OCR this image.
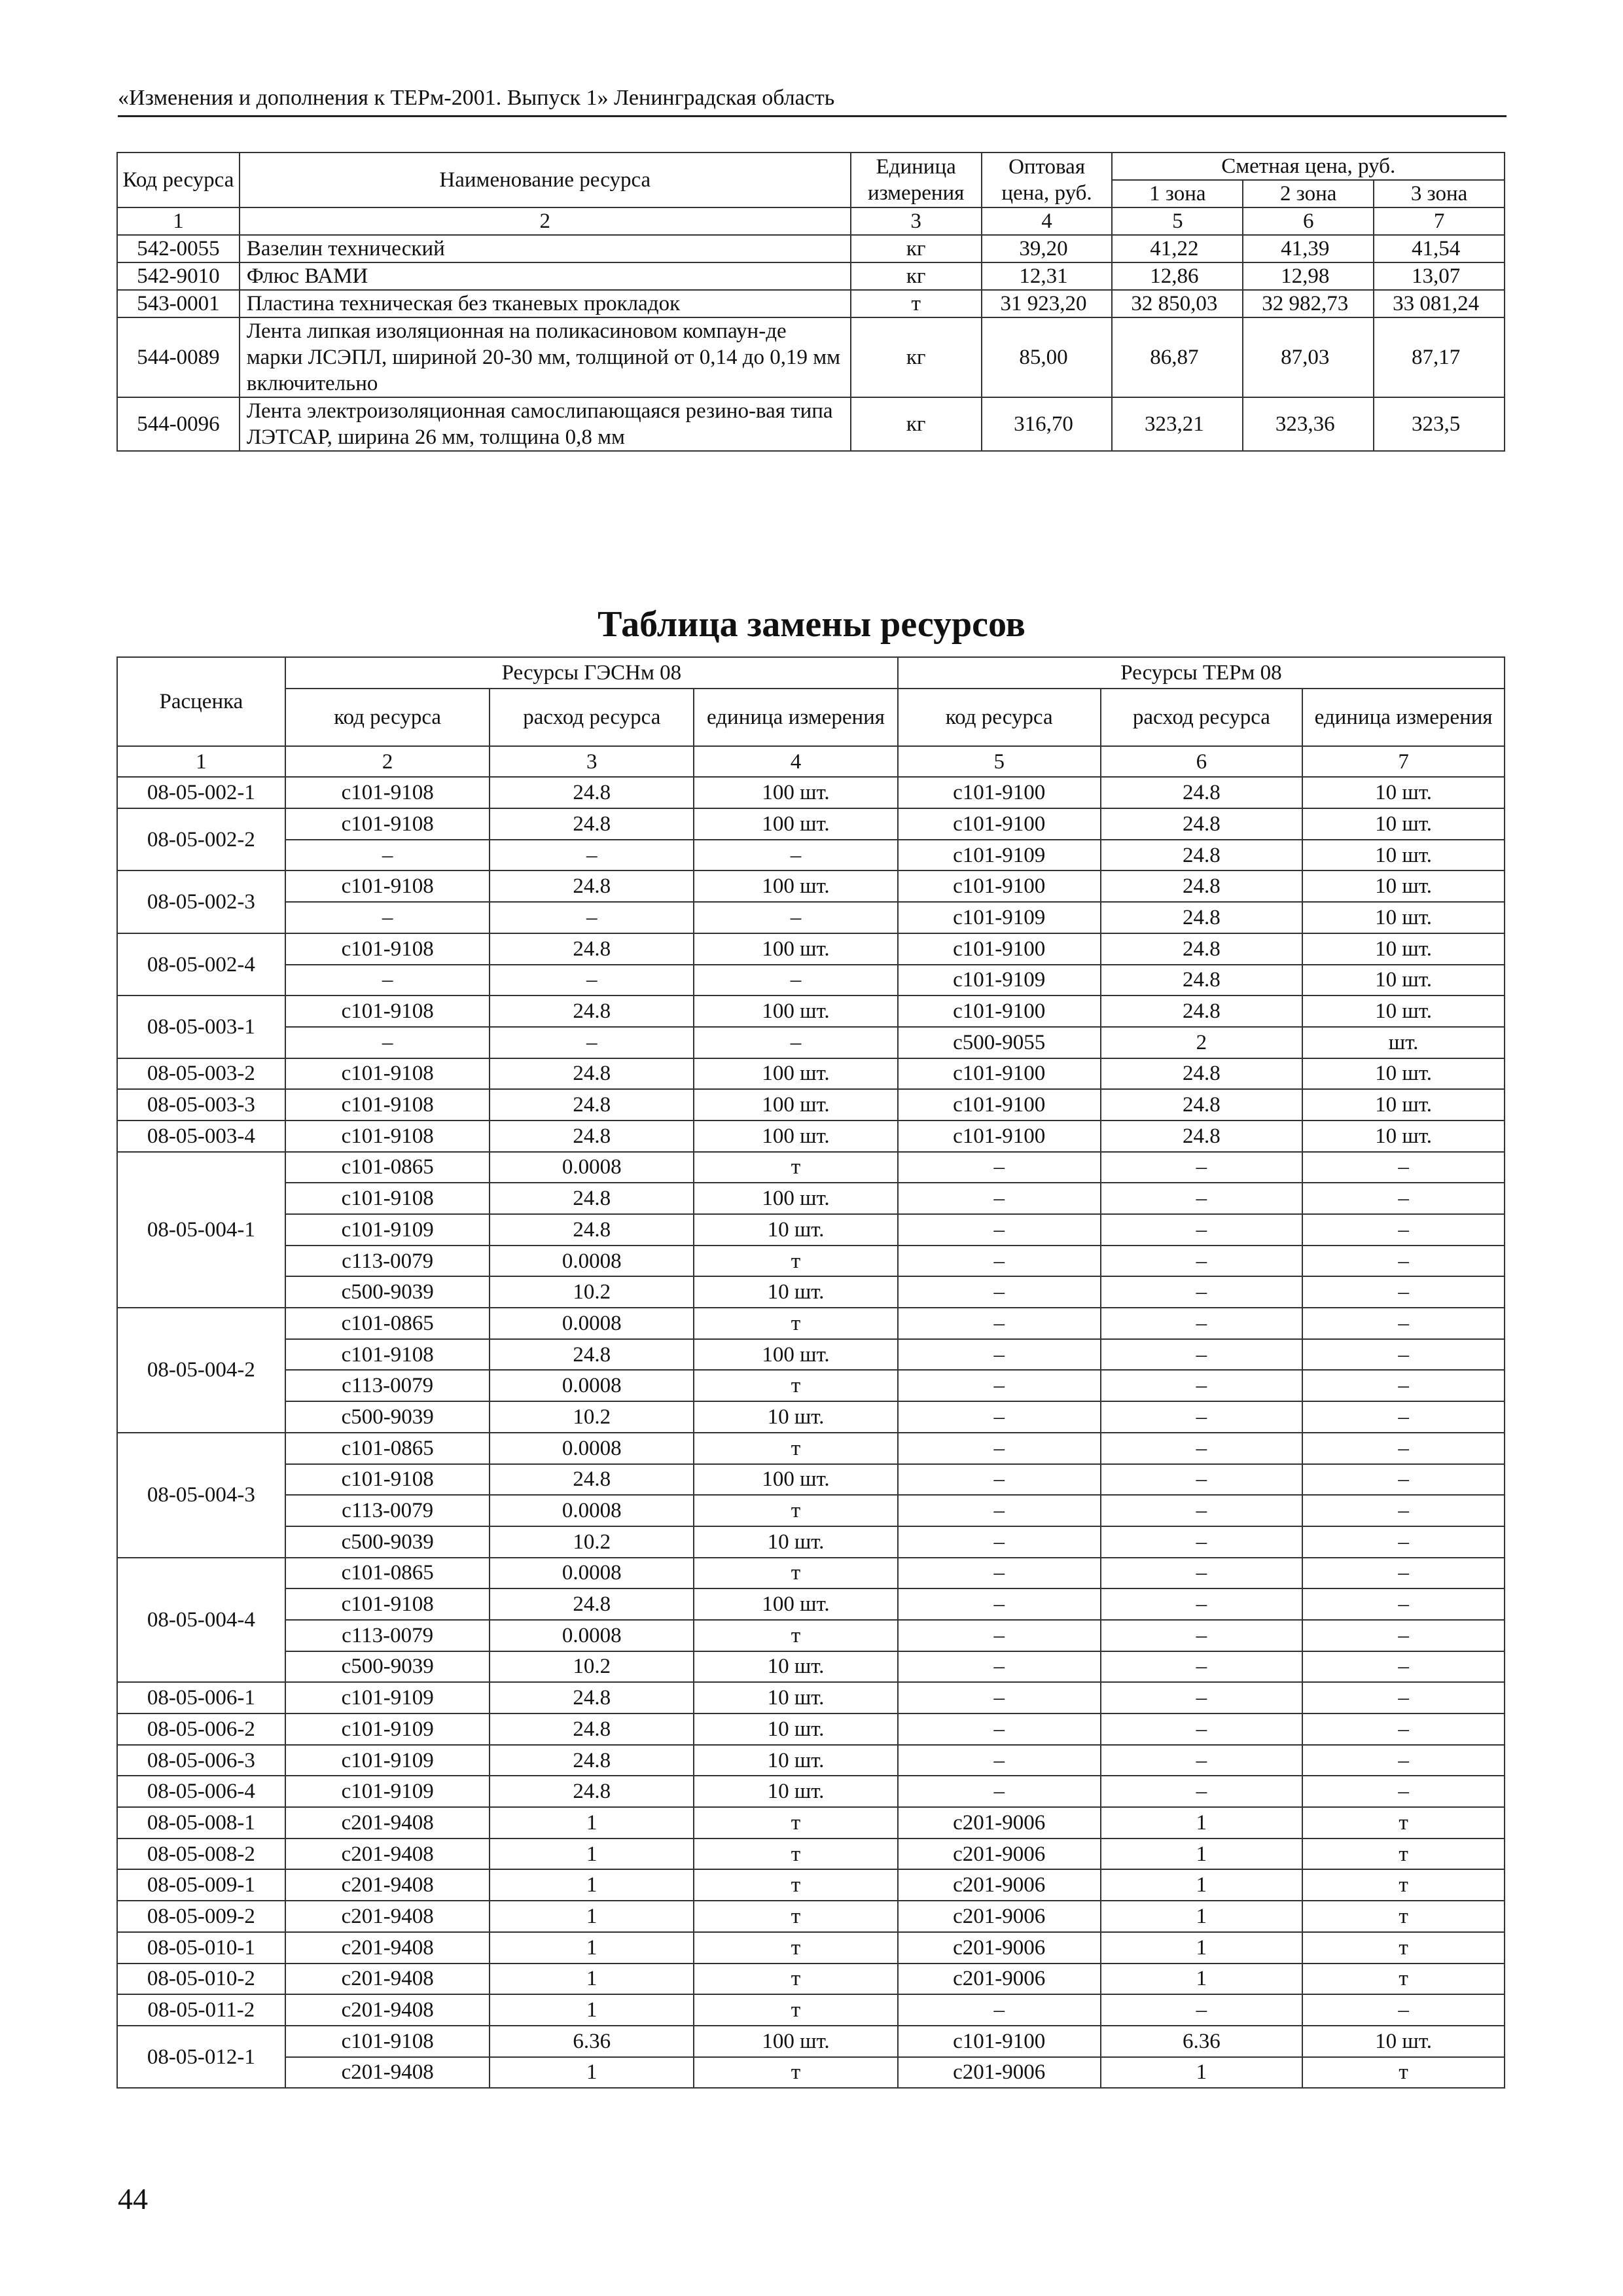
«Изменения и дополнения к ТЕРм-2001. Выпуск 1» Ленинградская область
Код ресурса	Наименование ресурса	Единица измерения	Оптовая цена, руб.	Сметная цена, руб.		
				1 зона	2 зона	3 зона
1	2	3	4	5	6	7
542-0055	Вазелин технический	кг	39,20	41,22	41,39	41,54
542-9010	Флюс ВАМИ	кг	12,31	12,86	12,98	13,07
543-0001	Пластина техническая без тканевых прокладок	т	31 923,20	32 850,03	32 982,73	33 081,24
544-0089	Лента липкая изоляционная на поликасиновом компаун-де марки ЛСЭПЛ, шириной 20-30 мм, толщиной от 0,14 до 0,19 мм включительно	кг	85,00	86,87	87,03	87,17
544-0096	Лента электроизоляционная самослипающаяся резино-вая типа ЛЭТСАР, ширина 26 мм, толщина 0,8 мм	кг	316,70	323,21	323,36	323,5
Таблица замены ресурсов
Расценка	Ресурсы ГЭСНм 08			Ресурсы ТЕРм 08		
	код ресурса	расход ресурса	единица измерения	код ресурса	расход ресурса	единица измерения
1	2	3	4	5	6	7
08-05-002-1	с101-9108	24.8	100 шт.	с101-9100	24.8	10 шт.
08-05-002-2	с101-9108	24.8	100 шт.	с101-9100	24.8	10 шт.
	–	–	–	с101-9109	24.8	10 шт.
08-05-002-3	с101-9108	24.8	100 шт.	с101-9100	24.8	10 шт.
	–	–	–	с101-9109	24.8	10 шт.
08-05-002-4	с101-9108	24.8	100 шт.	с101-9100	24.8	10 шт.
	–	–	–	с101-9109	24.8	10 шт.
08-05-003-1	с101-9108	24.8	100 шт.	с101-9100	24.8	10 шт.
	–	–	–	с500-9055	2	шт.
08-05-003-2	с101-9108	24.8	100 шт.	с101-9100	24.8	10 шт.
08-05-003-3	с101-9108	24.8	100 шт.	с101-9100	24.8	10 шт.
08-05-003-4	с101-9108	24.8	100 шт.	с101-9100	24.8	10 шт.
08-05-004-1	с101-0865	0.0008	т	–	–	–
	с101-9108	24.8	100 шт.	–	–	–
	с101-9109	24.8	10 шт.	–	–	–
	с113-0079	0.0008	т	–	–	–
	с500-9039	10.2	10 шт.	–	–	–
08-05-004-2	с101-0865	0.0008	т	–	–	–
	с101-9108	24.8	100 шт.	–	–	–
	с113-0079	0.0008	т	–	–	–
	с500-9039	10.2	10 шт.	–	–	–
08-05-004-3	с101-0865	0.0008	т	–	–	–
	с101-9108	24.8	100 шт.	–	–	–
	с113-0079	0.0008	т	–	–	–
	с500-9039	10.2	10 шт.	–	–	–
08-05-004-4	с101-0865	0.0008	т	–	–	–
	с101-9108	24.8	100 шт.	–	–	–
	с113-0079	0.0008	т	–	–	–
	с500-9039	10.2	10 шт.	–	–	–
08-05-006-1	с101-9109	24.8	10 шт.	–	–	–
08-05-006-2	с101-9109	24.8	10 шт.	–	–	–
08-05-006-3	с101-9109	24.8	10 шт.	–	–	–
08-05-006-4	с101-9109	24.8	10 шт.	–	–	–
08-05-008-1	с201-9408	1	т	с201-9006	1	т
08-05-008-2	с201-9408	1	т	с201-9006	1	т
08-05-009-1	с201-9408	1	т	с201-9006	1	т
08-05-009-2	с201-9408	1	т	с201-9006	1	т
08-05-010-1	с201-9408	1	т	с201-9006	1	т
08-05-010-2	с201-9408	1	т	с201-9006	1	т
08-05-011-2	с201-9408	1	т	–	–	–
08-05-012-1	с101-9108	6.36	100 шт.	с101-9100	6.36	10 шт.
	с201-9408	1	т	с201-9006	1	т
44
